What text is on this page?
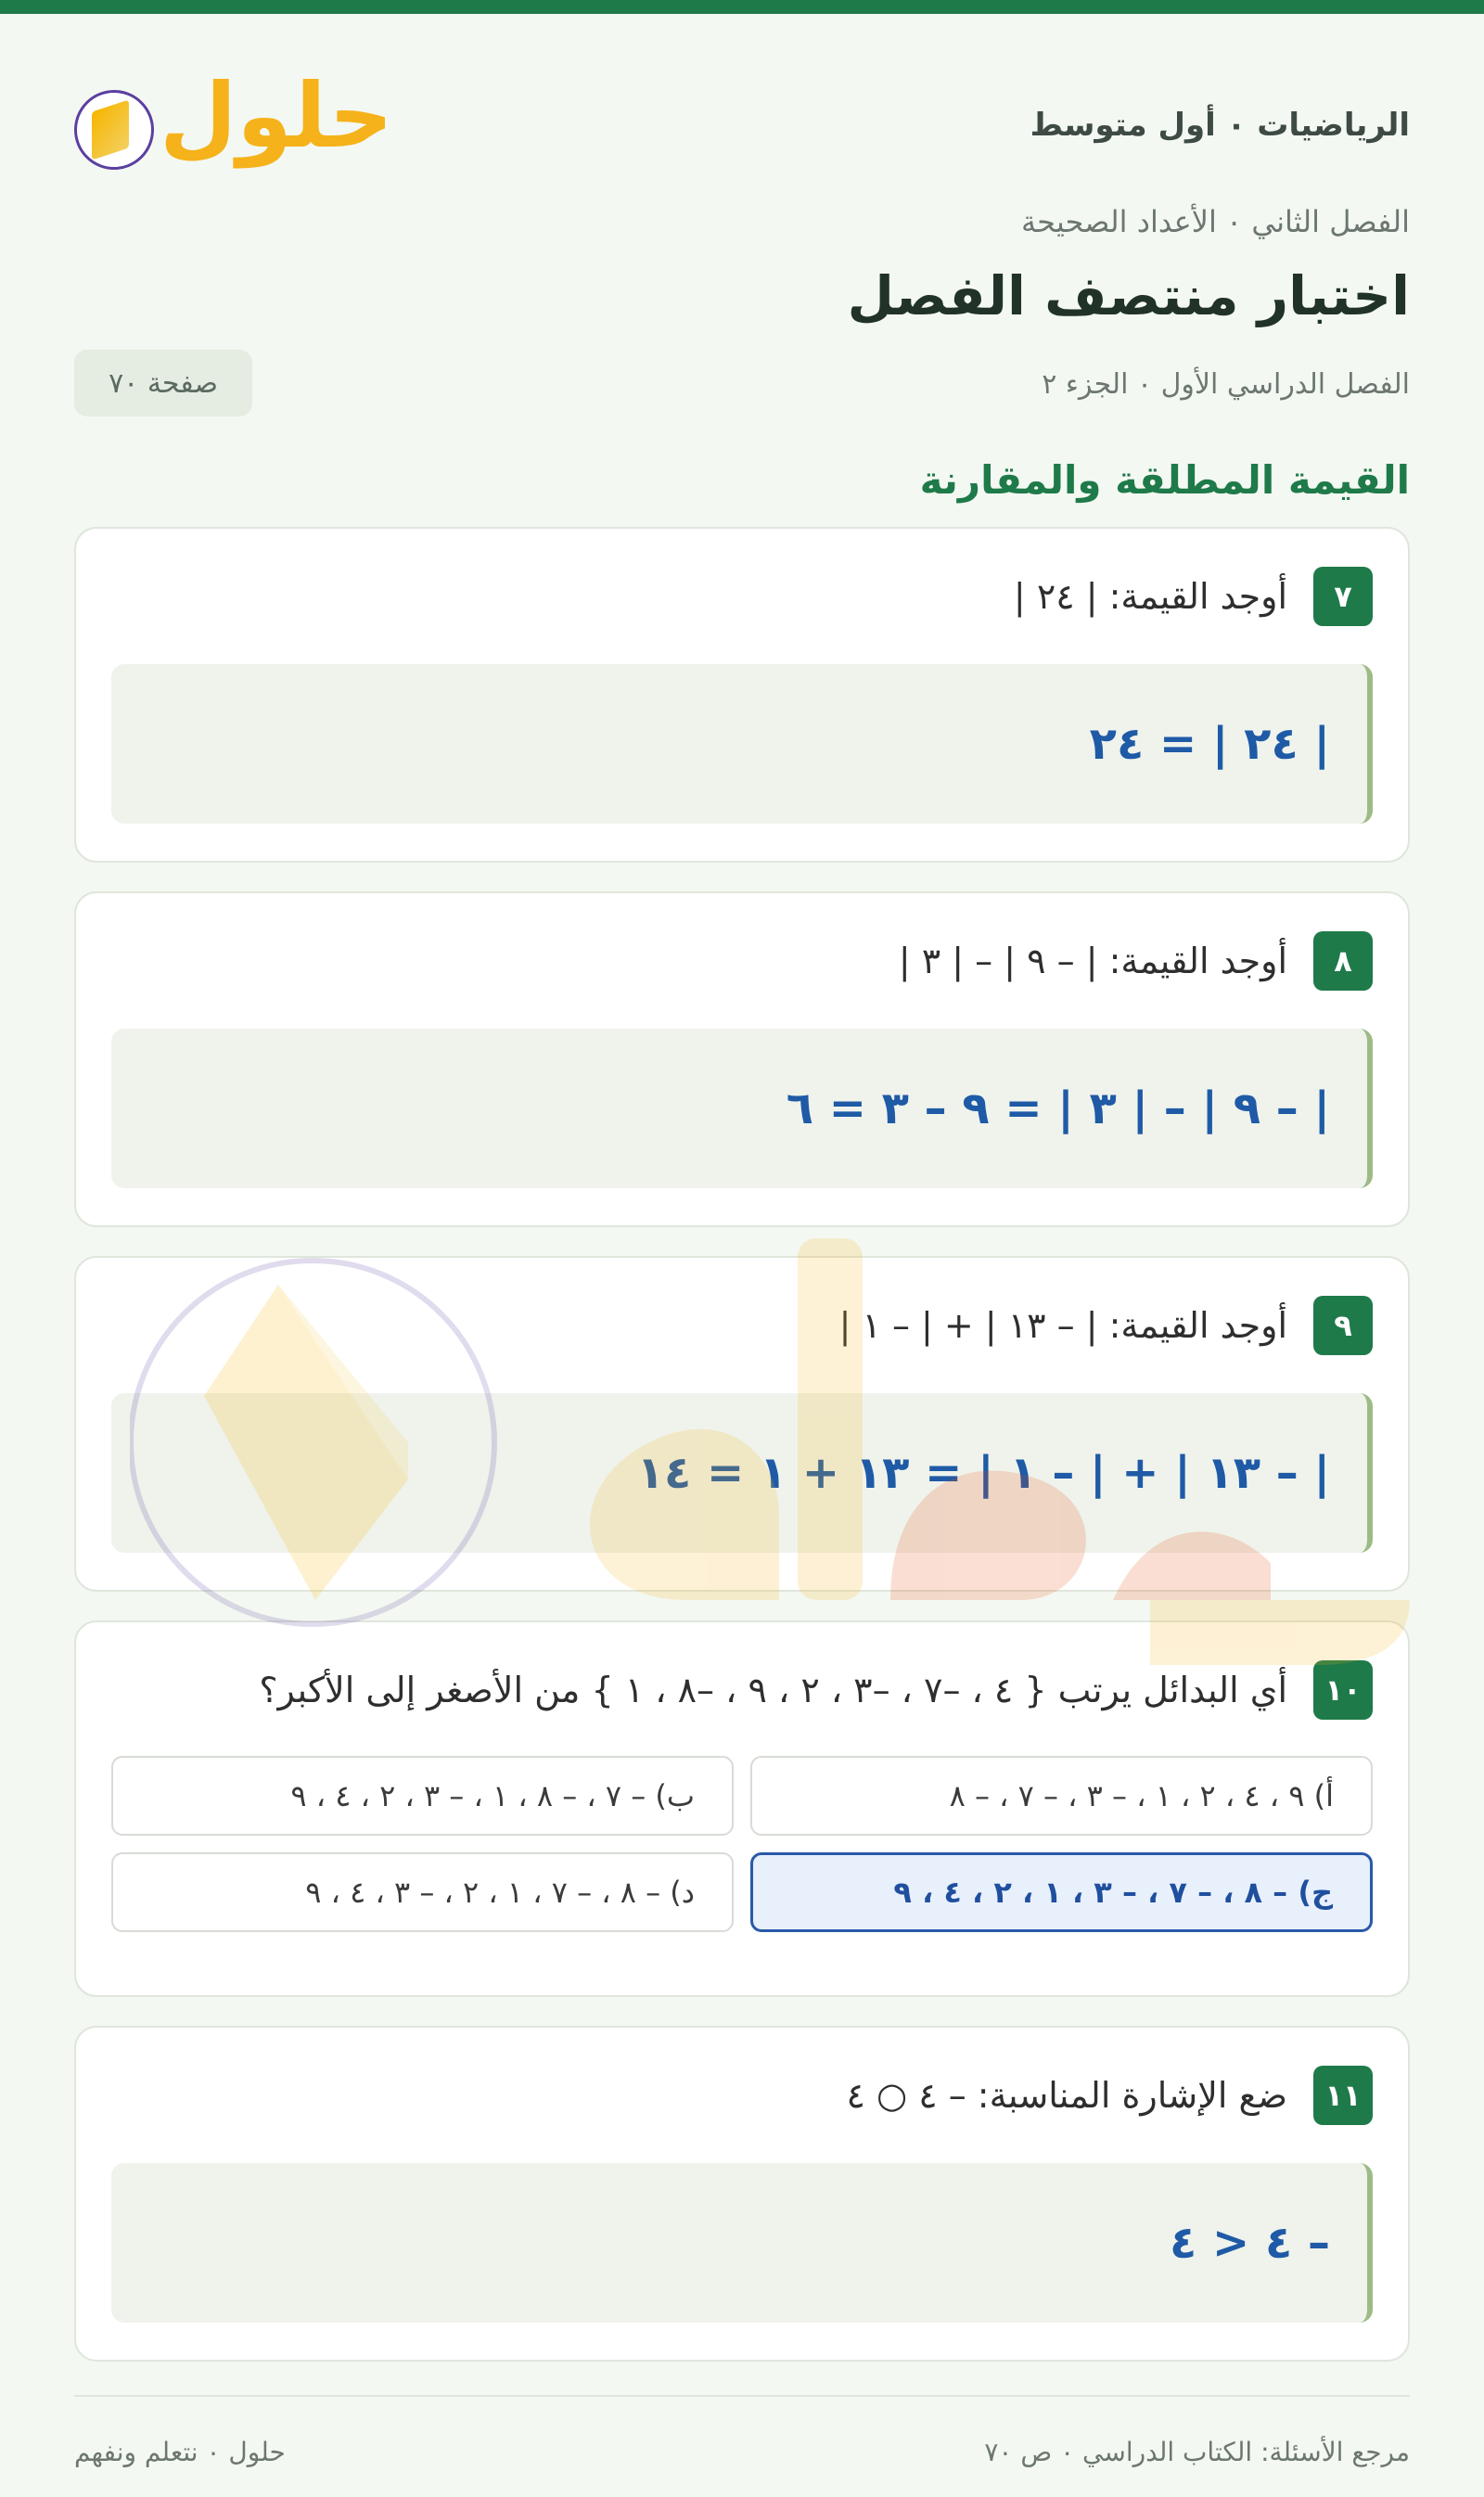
الرياضيات ٠ أول متوسط
حلول
الفصل الثاني ٠ الأعداد الصحيحة
اختبار منتصف الفصل
الفصل الدراسي الأول ٠ الجزء ٢
صفحة ٧٠
القيمة المطلقة والمقارنة
٧
أوجد القيمة: | ٢٤ |
| ٢٤ | = ٢٤
٨
أوجد القيمة: | – ٩ | – | ٣ |
| – ٩ | – | ٣ | = ٩ – ٣ = ٦
٩
أوجد القيمة: | – ١٣ | + | – ١ |
| – ١٣ | + | – ١ | = ١٣ + ١ = ١٤
١٠
أي البدائل يرتب { ٤ ، –٧ ، –٣ ، ٢ ، ٩ ، –٨ ، ١ } من الأصغر إلى الأكبر؟
أ) ٩ ، ٤ ، ٢ ، ١ ، – ٣ ، – ٧ ، – ٨
ب) – ٧ ، – ٨ ، ١ ، – ٣ ، ٢ ، ٤ ، ٩
ج) – ٨ ، – ٧ ، – ٣ ، ١ ، ٢ ، ٤ ، ٩
د) – ٨ ، – ٧ ، ١ ، ٢ ، – ٣ ، ٤ ، ٩
١١
ضع الإشارة المناسبة: – ٤ ○ ٤
– ٤ < ٤
مرجع الأسئلة: الكتاب الدراسي ٠ ص ٧٠
حلول ٠ نتعلم ونفهم
